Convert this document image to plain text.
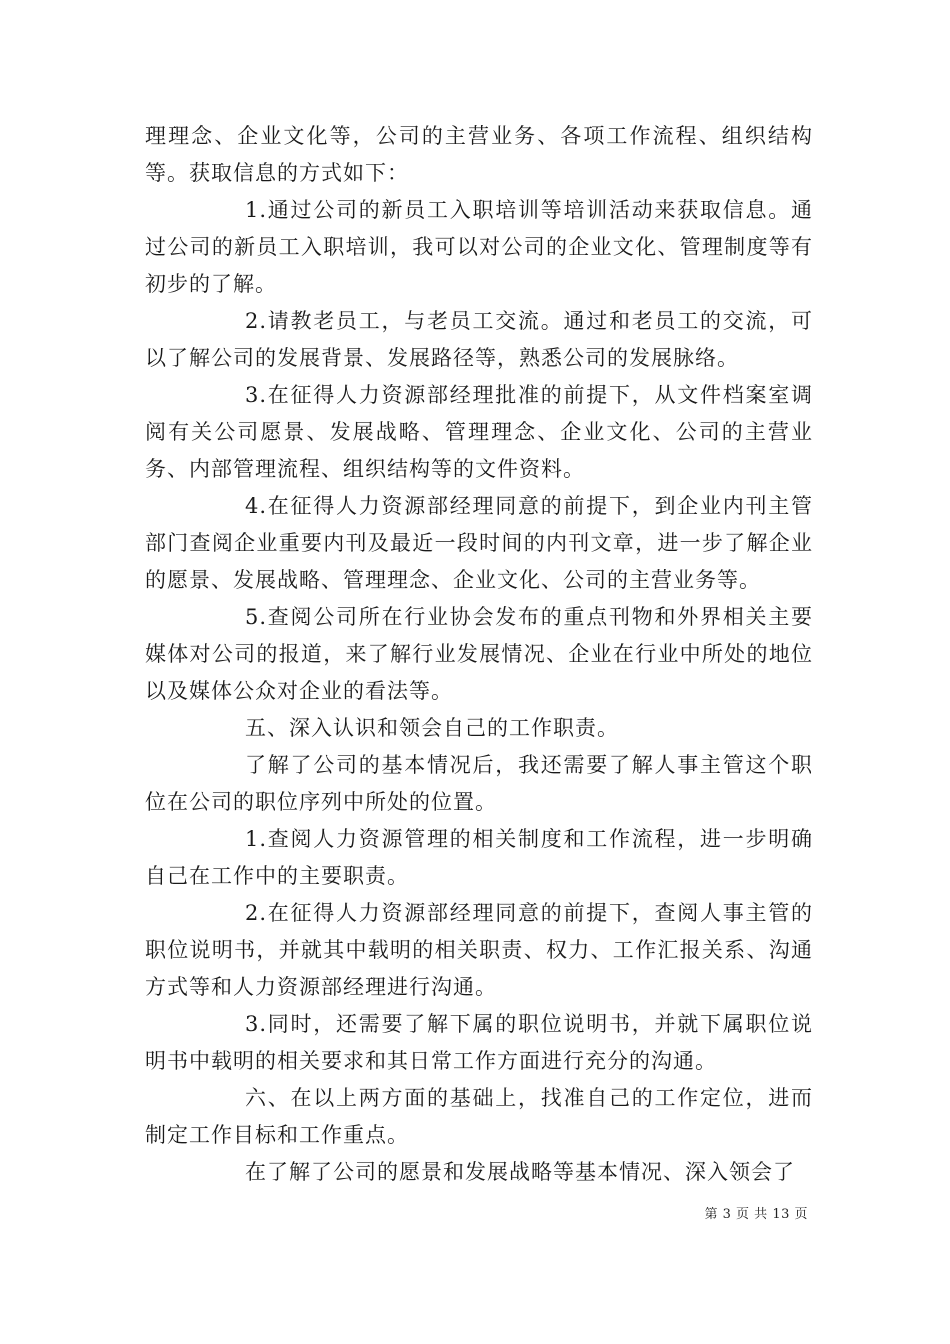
理理念、企业文化等，公司的主营业务、各项工作流程、组织结构等。获取信息的方式如下：

1.通过公司的新员工入职培训等培训活动来获取信息。通过公司的新员工入职培训，我可以对公司的企业文化、管理制度等有初步的了解。

2.请教老员工，与老员工交流。通过和老员工的交流，可以了解公司的发展背景、发展路径等，熟悉公司的发展脉络。

3.在征得人力资源部经理批准的前提下，从文件档案室调阅有关公司愿景、发展战略、管理理念、企业文化、公司的主营业务、内部管理流程、组织结构等的文件资料。

4.在征得人力资源部经理同意的前提下，到企业内刊主管部门查阅企业重要内刊及最近一段时间的内刊文章，进一步了解企业的愿景、发展战略、管理理念、企业文化、公司的主营业务等。

5.查阅公司所在行业协会发布的重点刊物和外界相关主要媒体对公司的报道，来了解行业发展情况、企业在行业中所处的地位以及媒体公众对企业的看法等。

五、深入认识和领会自己的工作职责。

了解了公司的基本情况后，我还需要了解人事主管这个职位在公司的职位序列中所处的位置。

1.查阅人力资源管理的相关制度和工作流程，进一步明确自己在工作中的主要职责。

2.在征得人力资源部经理同意的前提下，查阅人事主管的职位说明书，并就其中载明的相关职责、权力、工作汇报关系、沟通方式等和人力资源部经理进行沟通。

3.同时，还需要了解下属的职位说明书，并就下属职位说明书中载明的相关要求和其日常工作方面进行充分的沟通。

六、在以上两方面的基础上，找准自己的工作定位，进而制定工作目标和工作重点。

在了解了公司的愿景和发展战略等基本情况、深入领会了

第 3 页 共 13 页
